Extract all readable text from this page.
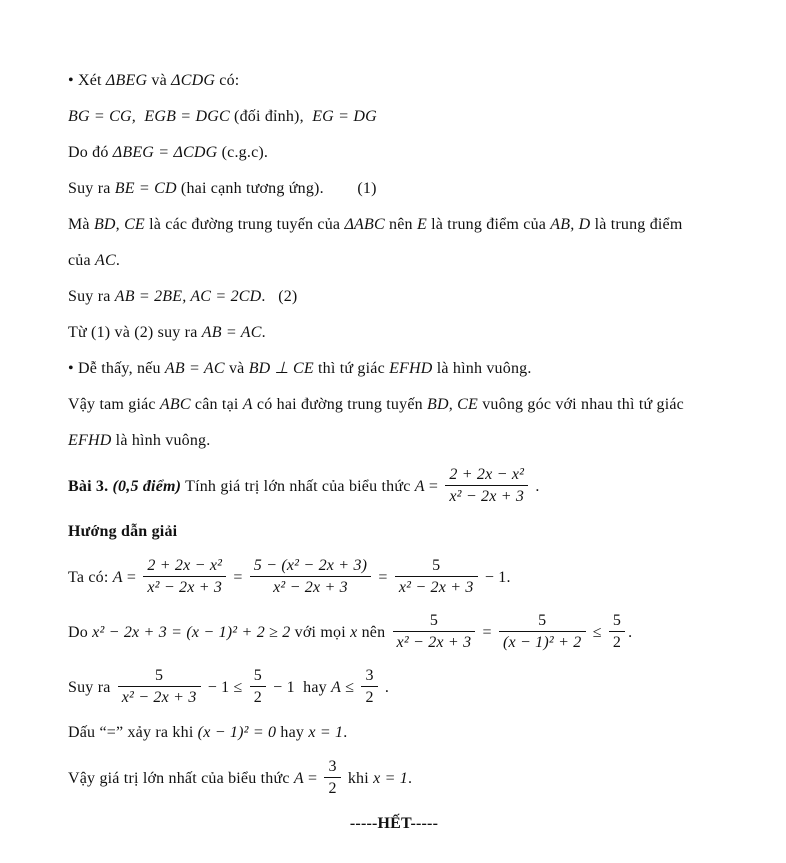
• Xét ΔBEG và ΔCDG có:
BG = CG,  EGB = DGC (đối đỉnh),  EG = DG
Do đó ΔBEG = ΔCDG (c.g.c).
Suy ra BE = CD (hai cạnh tương ứng).        (1)
Mà BD, CE là các đường trung tuyến của ΔABC nên E là trung điểm của AB, D là trung điểm
của AC.
Suy ra AB = 2BE, AC = 2CD.   (2)
Từ (1) và (2) suy ra AB = AC.
• Dễ thấy, nếu AB = AC và BD ⊥ CE thì tứ giác EFHD là hình vuông.
Vậy tam giác ABC cân tại A có hai đường trung tuyến BD, CE vuông góc với nhau thì tứ giác
EFHD là hình vuông.
Bài 3. (0,5 điểm) Tính giá trị lớn nhất của biểu thức $A = \frac{\text{2 + 2x − x²}}{\text{x² − 2x + 3}}$ .
Hướng dẫn giải
Ta có: $A = \frac{\text{2 + 2x − x²}}{\text{x² − 2x + 3}} = \frac{\text{5 − (x² − 2x + 3)}}{\text{x² − 2x + 3}} = \frac{5}{\text{x² − 2x + 3}} - 1$.
Do x² − 2x + 3 = (x − 1)² + 2 ≥ 2 với mọi x nên $\frac{5}{\text{x² − 2x + 3}} = \frac{5}{\text{(x − 1)² + 2}} \le \frac{5}{2}$ .
Suy ra $\frac{5}{\text{x² − 2x + 3}} - 1 \le \frac{5}{2} - 1$  hay $A \le \frac{3}{2}$ .
Dấu “=” xảy ra khi (x − 1)² = 0 hay x = 1.
Vậy giá trị lớn nhất của biểu thức $A = \frac{3}{2}$ khi x = 1.
-----HẾT-----
